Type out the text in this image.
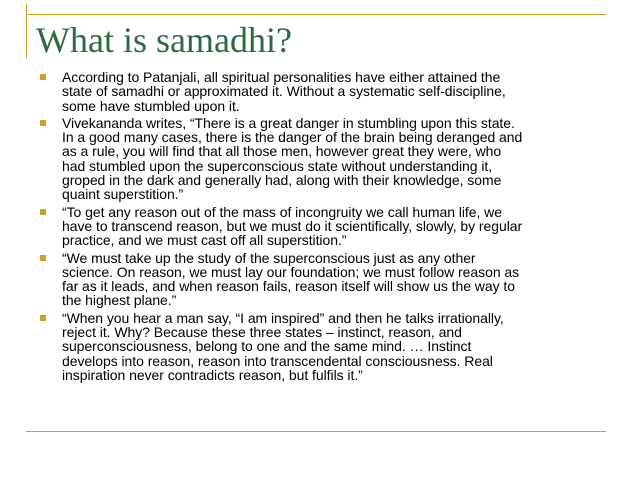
What is samadhi?
According to Patanjali, all spiritual personalities have either attained the state of samadhi or approximated it. Without a systematic self-discipline, some have stumbled upon it.
Vivekananda writes, “There is a great danger in stumbling upon this state. In a good many cases, there is the danger of the brain being deranged and as a rule, you will find that all those men, however great they were, who had stumbled upon the superconscious state without understanding it, groped in the dark and generally had, along with their knowledge, some quaint superstition.”
“To get any reason out of the mass of incongruity we call human life, we have to transcend reason, but we must do it scientifically, slowly, by regular practice, and we must cast off all superstition.”
“We must take up the study of the superconscious just as any other science. On reason, we must lay our foundation; we must follow reason as far as it leads, and when reason fails, reason itself will show us the way to the highest plane.”
“When you hear a man say, “I am inspired” and then he talks irrationally, reject it. Why? Because these three states – instinct, reason, and superconsciousness, belong to one and the same mind. … Instinct develops into reason, reason into transcendental consciousness. Real inspiration never contradicts reason, but fulfils it.”
